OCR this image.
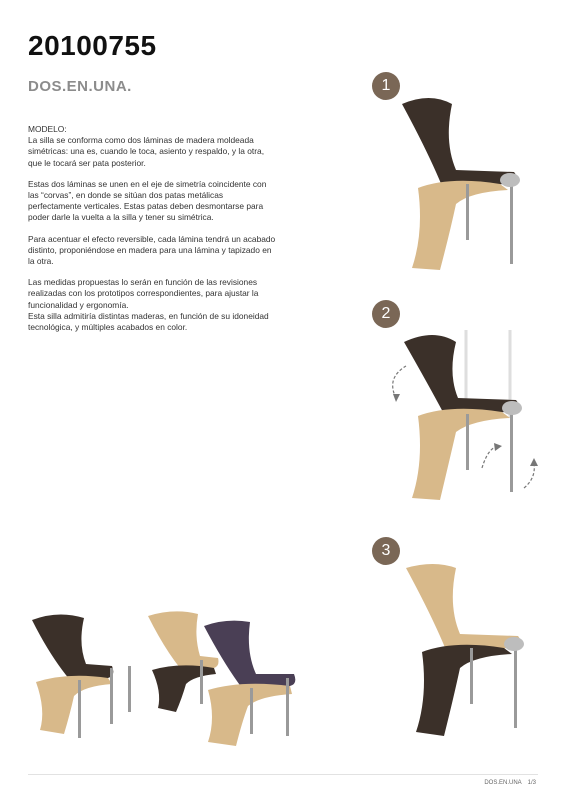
20100755
DOS.EN.UNA.

MODELO:

La silla se conforma como dos láminas de madera moldeada simétricas: una es, cuando le toca, asiento y respaldo, y la otra, que le tocará ser pata posterior.

Estas dos láminas se unen en el eje de simetría coincidente con las “corvas”, en donde se sitúan dos patas metálicas perfectamente verticales. Estas patas deben desmontarse para poder darle la vuelta a la silla y tener su simétrica.

Para acentuar el efecto reversible, cada lámina tendrá un acabado distinto, proponiéndose en madera para una lámina y tapizado en la otra.

Las medidas propuestas lo serán en función de las revisiones realizadas con los prototipos correspondientes, para ajustar la funcionalidad y ergonomía.

Esta silla admitiría distintas maderas, en función de su idoneidad tecnológica, y múltiples acabados en color.

1
2
3
DOS.EN.UNA 1/3
